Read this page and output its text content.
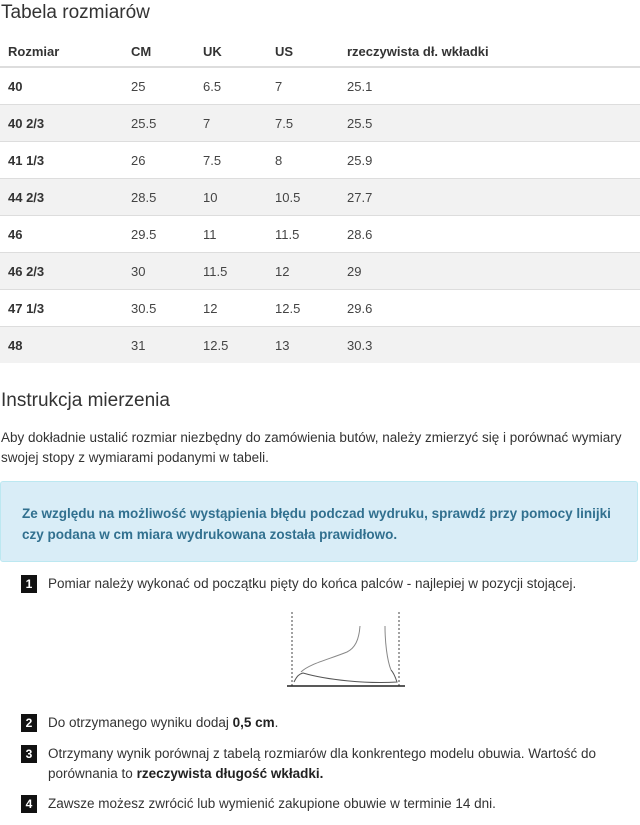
Tabela rozmiarów
Rozmiar	CM	UK	US	rzeczywista dł. wkładki
40	25	6.5	7	25.1
40 2/3	25.5	7	7.5	25.5
41 1/3	26	7.5	8	25.9
44 2/3	28.5	10	10.5	27.7
46	29.5	11	11.5	28.6
46 2/3	30	11.5	12	29
47 1/3	30.5	12	12.5	29.6
48	31	12.5	13	30.3
Instrukcja mierzenia

Aby dokładnie ustalić rozmiar niezbędny do zamówienia butów, należy zmierzyć się i porównać wymiary swojej stopy z wymiarami podanymi w tabeli.

Ze względu na możliwość wystąpienia błędu podczad wydruku, sprawdź przy pomocy linijki czy podana w cm miara wydrukowana została prawidłowo.

1	Pomiar należy wykonać od początku pięty do końca palców - najlepiej w pozycji stojącej.
2	Do otrzymanego wyniku dodaj 0,5 cm.
3	Otrzymany wynik porównaj z tabelą rozmiarów dla konkrentego modelu obuwia. Wartość do porównania to rzeczywista długość wkładki.
4	Zawsze możesz zwrócić lub wymienić zakupione obuwie w terminie 14 dni.
